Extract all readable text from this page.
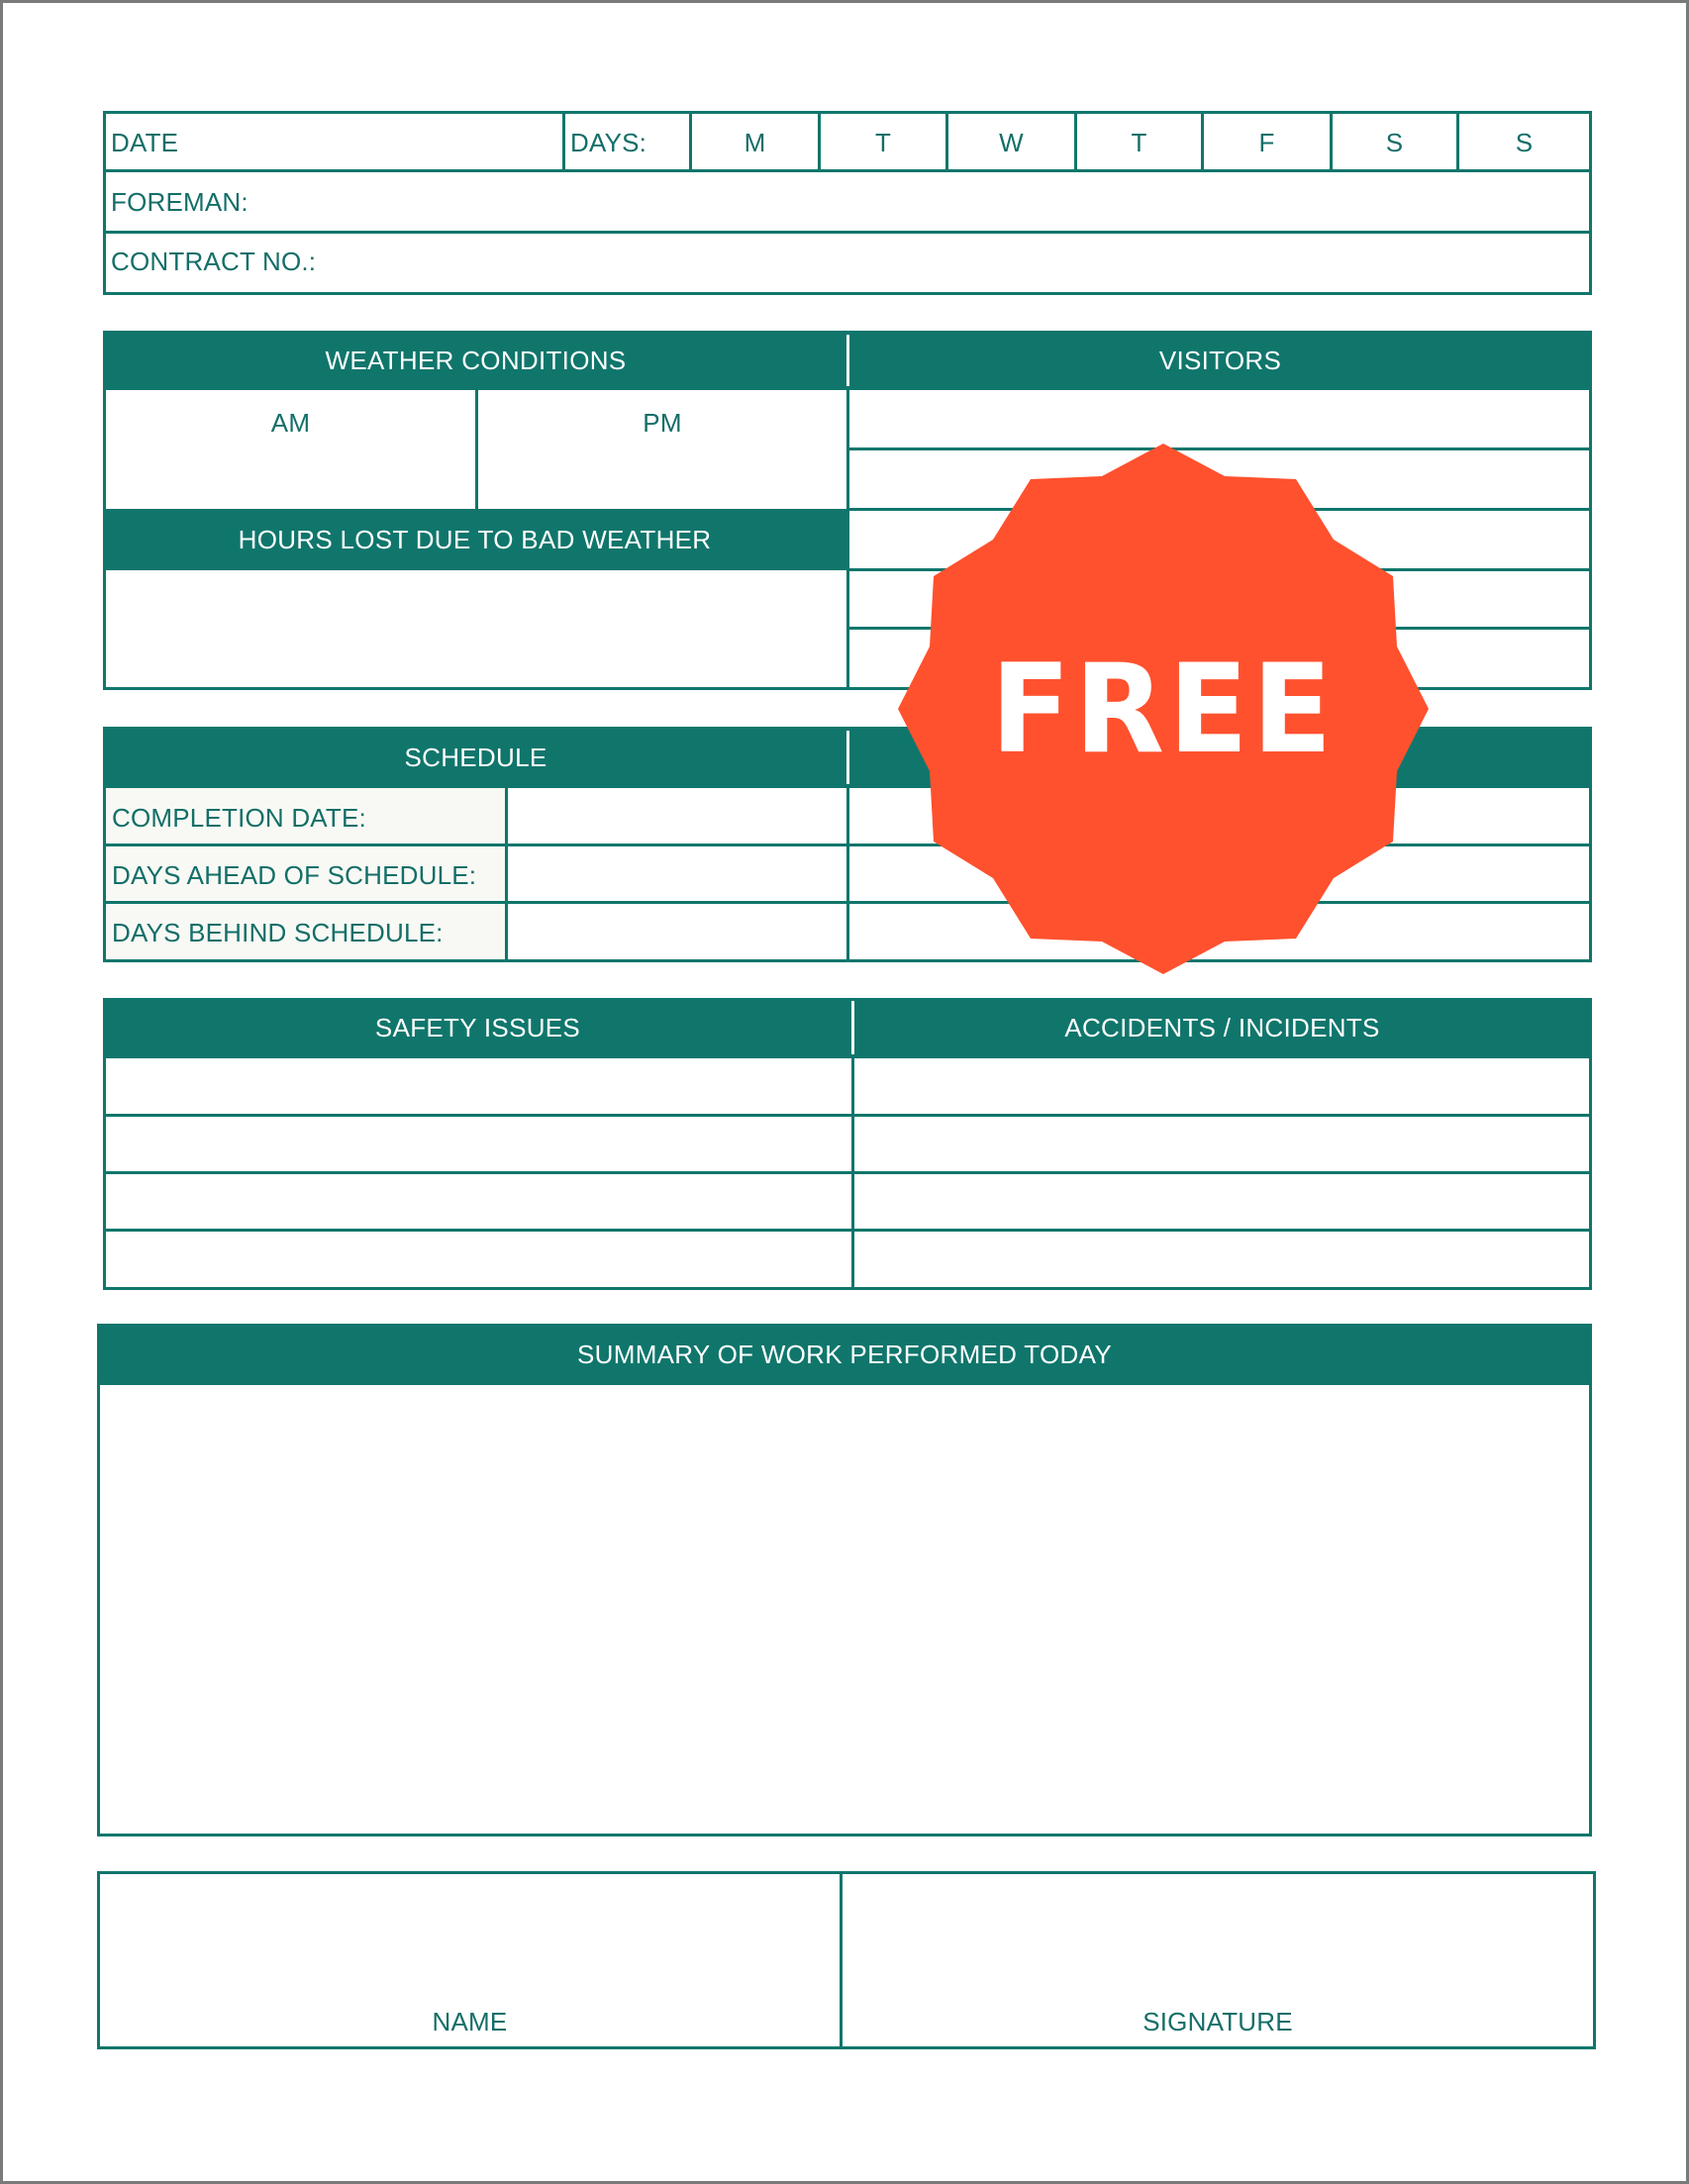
DATE	DAYS:	M	T	W	T	F	S	S
FOREMAN:
CONTRACT NO.:
WEATHER CONDITIONS	VISITORS
AM	PM
HOURS LOST DUE TO BAD WEATHER
SCHEDULE
COMPLETION DATE:
DAYS AHEAD OF SCHEDULE:
DAYS BEHIND SCHEDULE:
SAFETY ISSUES	ACCIDENTS / INCIDENTS
SUMMARY OF WORK PERFORMED TODAY
NAME	SIGNATURE
FREE
